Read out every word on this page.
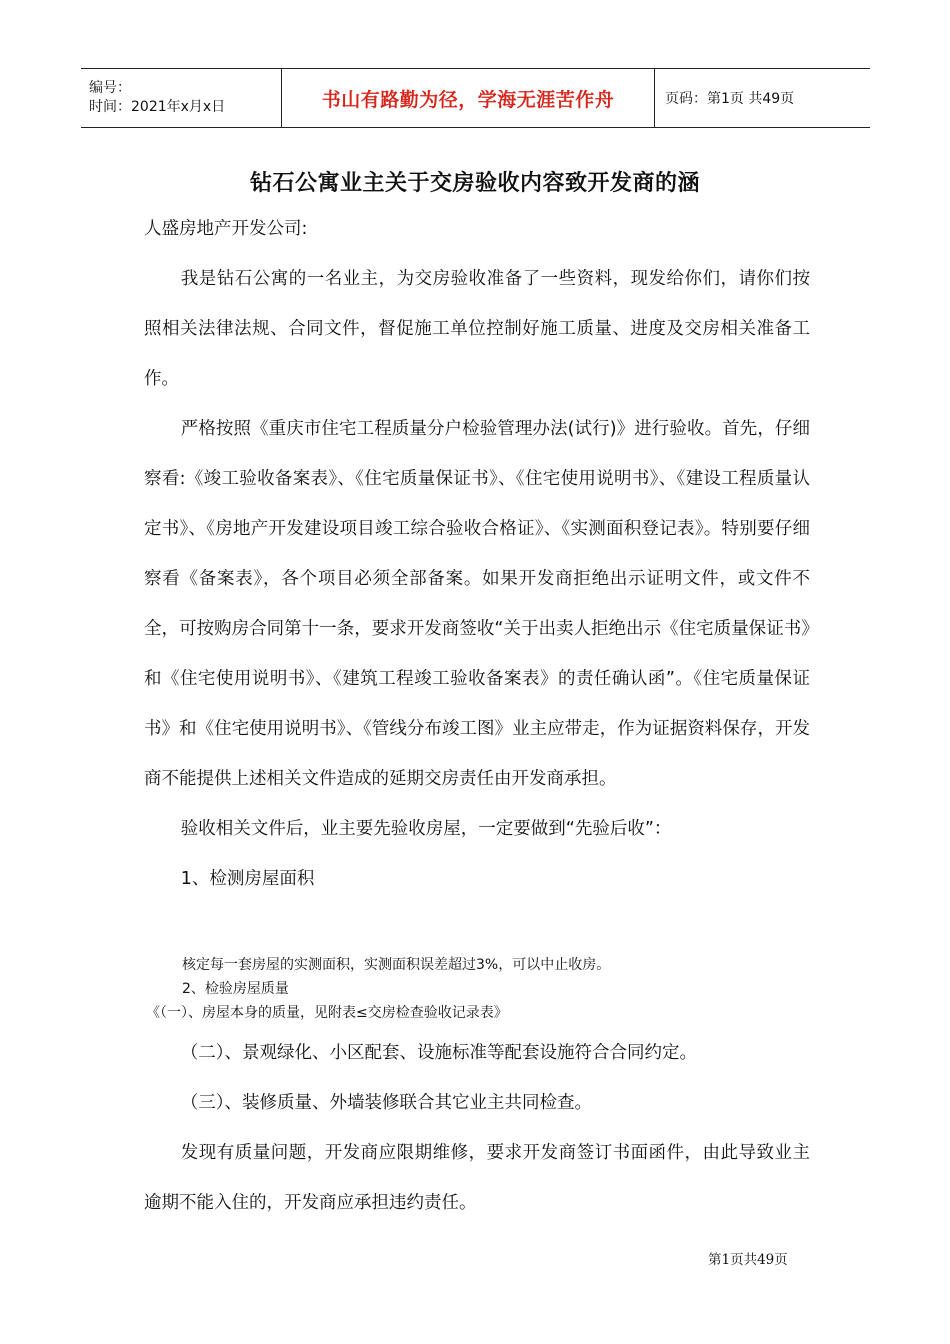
编号：
时间：2021年x月x日	书山有路勤为径，学海无涯苦作舟	页码：第1页 共49页
钻石公寓业主关于交房验收内容致开发商的涵

人盛房地产开发公司:

我是钻石公寓的一名业主，为交房验收准备了一些资料，现发给你们，请你们按照相关法律法规、合同文件，督促施工单位控制好施工质量、进度及交房相关准备工作。

严格按照《重庆市住宅工程质量分户检验管理办法(试行)》进行验收。首先，仔细察看:《竣工验收备案表》、《住宅质量保证书》、《住宅使用说明书》、《建设工程质量认定书》、《房地产开发建设项目竣工综合验收合格证》、《实测面积登记表》。特别要仔细察看《备案表》，各个项目必须全部备案。如果开发商拒绝出示证明文件，或文件不全，可按购房合同第十一条，要求开发商签收“关于出卖人拒绝出示《住宅质量保证书》和《住宅使用说明书》、《建筑工程竣工验收备案表》的责任确认函”。《住宅质量保证书》和《住宅使用说明书》、《管线分布竣工图》业主应带走，作为证据资料保存，开发商不能提供上述相关文件造成的延期交房责任由开发商承担。

验收相关文件后，业主要先验收房屋，一定要做到“先验后收”：

1、检测房屋面积

核定每一套房屋的实测面积，实测面积误差超过3%，可以中止收房。
2、检验房屋质量
《（一）、房屋本身的质量，见附表≤交房检查验收记录表》

（二）、景观绿化、小区配套、设施标准等配套设施符合合同约定。

（三）、装修质量、外墙装修联合其它业主共同检查。

发现有质量问题，开发商应限期维修，要求开发商签订书面函件，由此导致业主逾期不能入住的，开发商应承担违约责任。

第1页共49页
